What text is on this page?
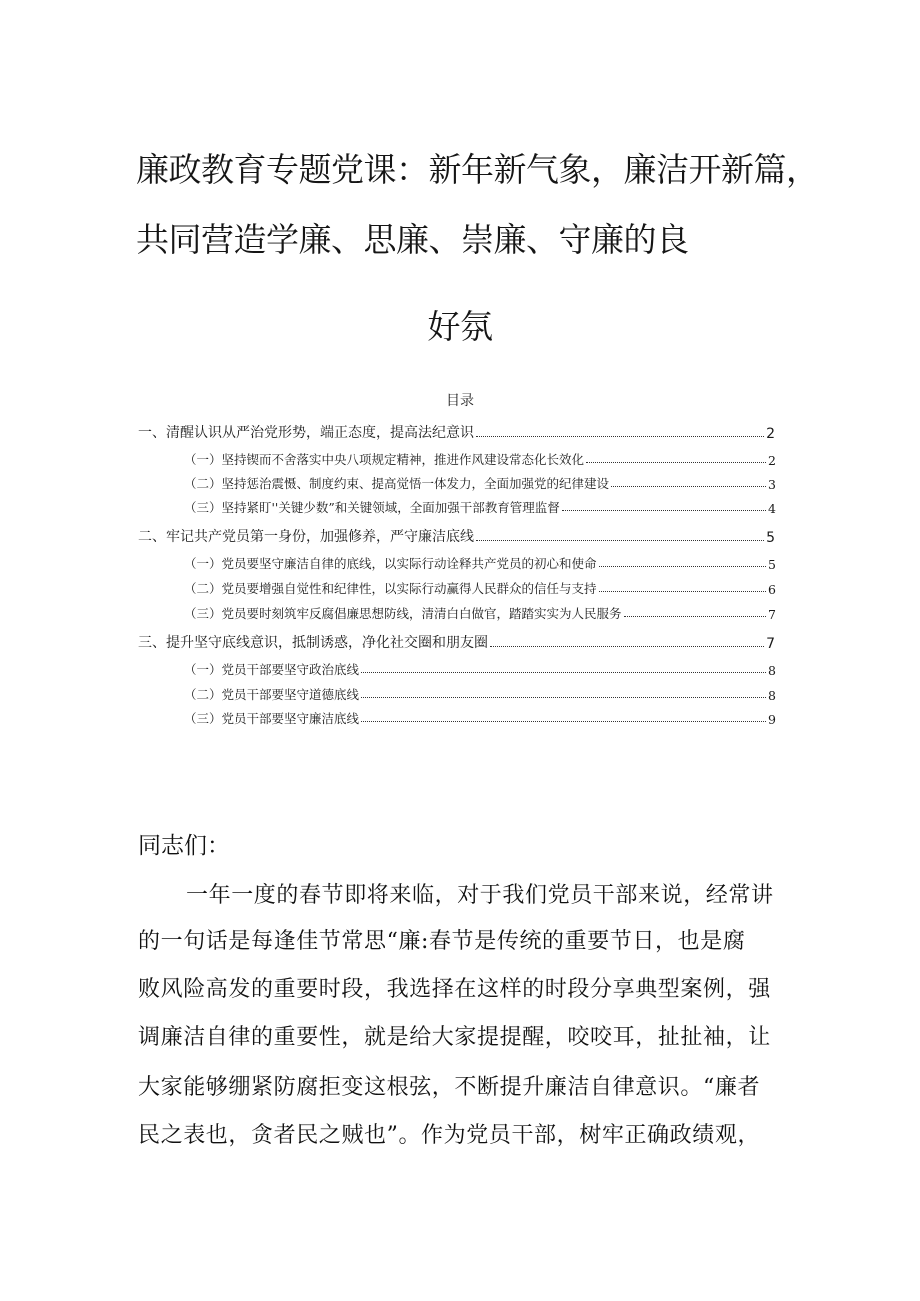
廉政教育专题党课：新年新气象，廉洁开新篇，
共同营造学廉、思廉、崇廉、守廉的良
好氛
目录
一、清醒认识从严治党形势，端正态度，提高法纪意识	2
（一）坚持锲而不舍落实中央八项规定精神，推进作风建设常态化长效化	2
（二）坚持惩治震慑、制度约束、提高觉悟一体发力，全面加强党的纪律建设	3
（三）坚持紧盯''关键少数”和关键领域，全面加强干部教育管理监督	4
二、牢记共产党员第一身份，加强修养，严守廉洁底线	5
（一）党员要坚守廉洁自律的底线，以实际行动诠释共产党员的初心和使命	5
（二）党员要增强自觉性和纪律性，以实际行动赢得人民群众的信任与支持	6
（三）党员要时刻筑牢反腐倡廉思想防线，清清白白做官，踏踏实实为人民服务	7
三、提升坚守底线意识，抵制诱惑，净化社交圈和朋友圈	7
（一）党员干部要坚守政治底线	8
（二）党员干部要坚守道德底线	8
（三）党员干部要坚守廉洁底线	9
同志们：
一年一度的春节即将来临，对于我们党员干部来说，经常讲
的一句话是每逢佳节常思“廉:春节是传统的重要节日，也是腐
败风险高发的重要时段，我选择在这样的时段分享典型案例，强
调廉洁自律的重要性，就是给大家提提醒，咬咬耳，扯扯袖，让
大家能够绷紧防腐拒变这根弦，不断提升廉洁自律意识。“廉者
民之表也，贪者民之贼也”。作为党员干部，树牢正确政绩观，
